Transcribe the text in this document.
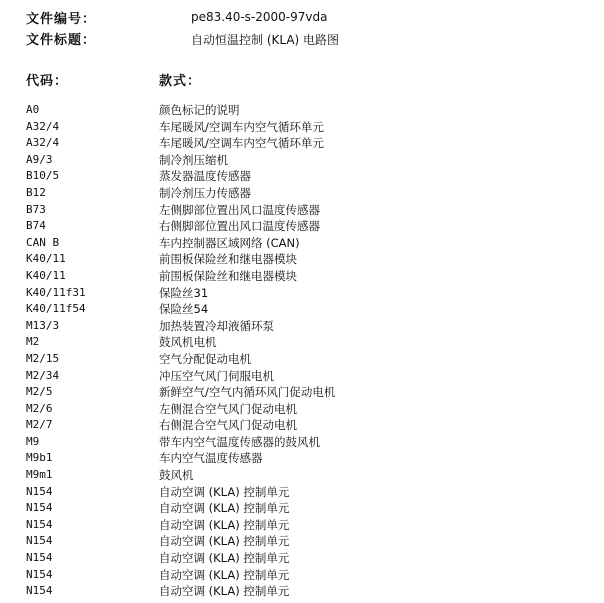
文件编号：	pe83.40-s-2000-97vda
文件标题：	自动恒温控制 (KLA) 电路图
代码：	款式：
A0	颜色标记的说明
A32/4	车尾暖风/空调车内空气循环单元
A32/4	车尾暖风/空调车内空气循环单元
A9/3	制冷剂压缩机
B10/5	蒸发器温度传感器
B12	制冷剂压力传感器
B73	左侧脚部位置出风口温度传感器
B74	右侧脚部位置出风口温度传感器
CAN B	车内控制器区域网络 (CAN)
K40/11	前围板保险丝和继电器模块
K40/11	前围板保险丝和继电器模块
K40/11f31	保险丝31
K40/11f54	保险丝54
M13/3	加热装置冷却液循环泵
M2	鼓风机电机
M2/15	空气分配促动电机
M2/34	冲压空气风门伺服电机
M2/5	新鲜空气/空气内循环风门促动电机
M2/6	左侧混合空气风门促动电机
M2/7	右侧混合空气风门促动电机
M9	带车内空气温度传感器的鼓风机
M9b1	车内空气温度传感器
M9m1	鼓风机
N154	自动空调 (KLA) 控制单元
N154	自动空调 (KLA) 控制单元
N154	自动空调 (KLA) 控制单元
N154	自动空调 (KLA) 控制单元
N154	自动空调 (KLA) 控制单元
N154	自动空调 (KLA) 控制单元
N154	自动空调 (KLA) 控制单元
